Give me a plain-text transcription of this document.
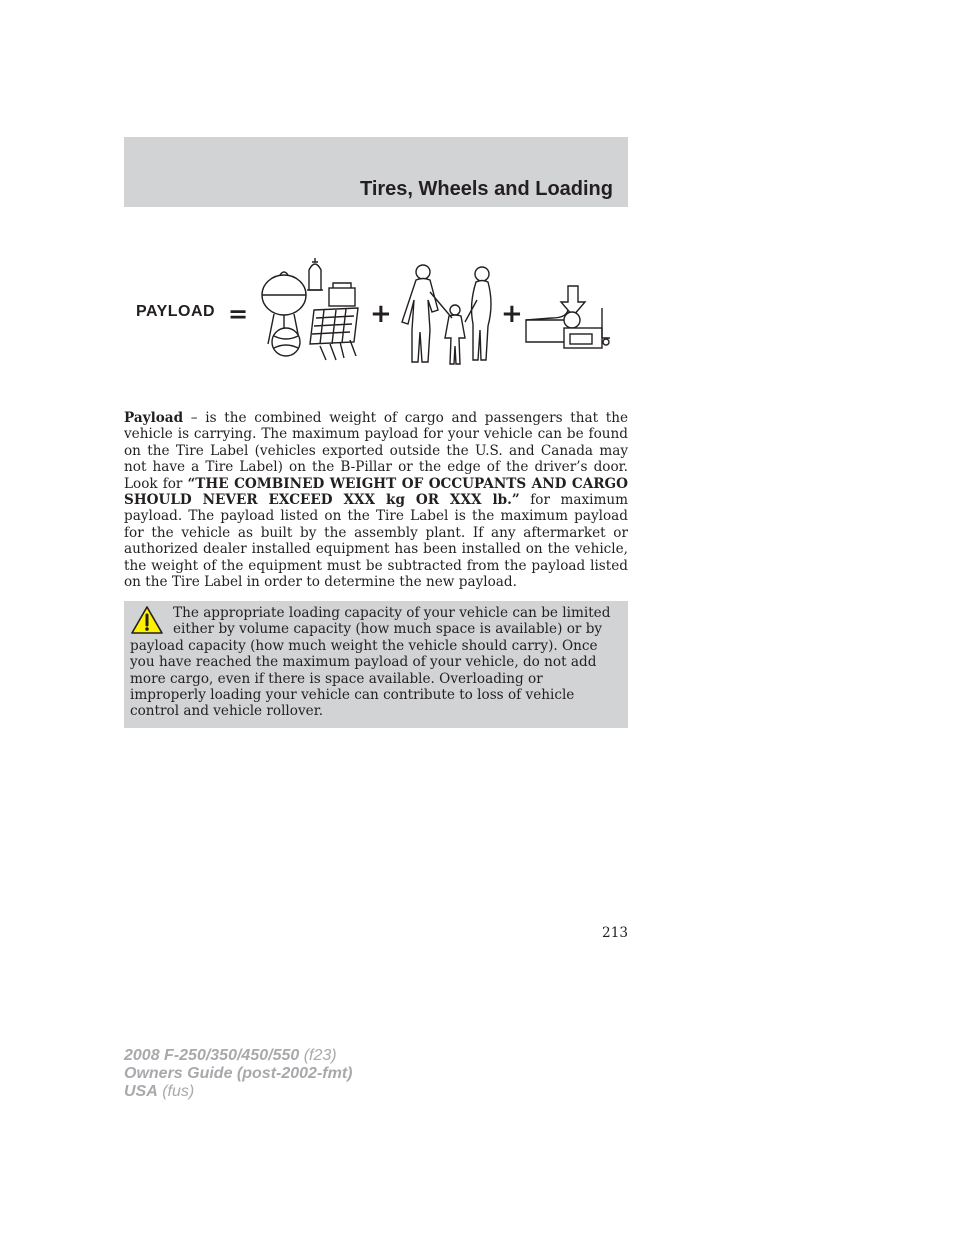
Tires, Wheels and Loading
PAYLOAD =	+	+

Payload – is the combined weight of cargo and passengers that the vehicle is carrying. The maximum payload for your vehicle can be found on the Tire Label (vehicles exported outside the U.S. and Canada may not have a Tire Label) on the B-Pillar or the edge of the driver’s door. Look for “THE COMBINED WEIGHT OF OCCUPANTS AND CARGO SHOULD NEVER EXCEED XXX kg OR XXX lb.” for maximum payload. The payload listed on the Tire Label is the maximum payload for the vehicle as built by the assembly plant. If any aftermarket or authorized dealer installed equipment has been installed on the vehicle, the weight of the equipment must be subtracted from the payload listed on the Tire Label in order to determine the new payload.

The appropriate loading capacity of your vehicle can be limited either by volume capacity (how much space is available) or by payload capacity (how much weight the vehicle should carry). Once you have reached the maximum payload of your vehicle, do not add more cargo, even if there is space available. Overloading or improperly loading your vehicle can contribute to loss of vehicle control and vehicle rollover.

213
2008 F-250/350/450/550 (f23)
Owners Guide (post-2002-fmt)
USA (fus)
